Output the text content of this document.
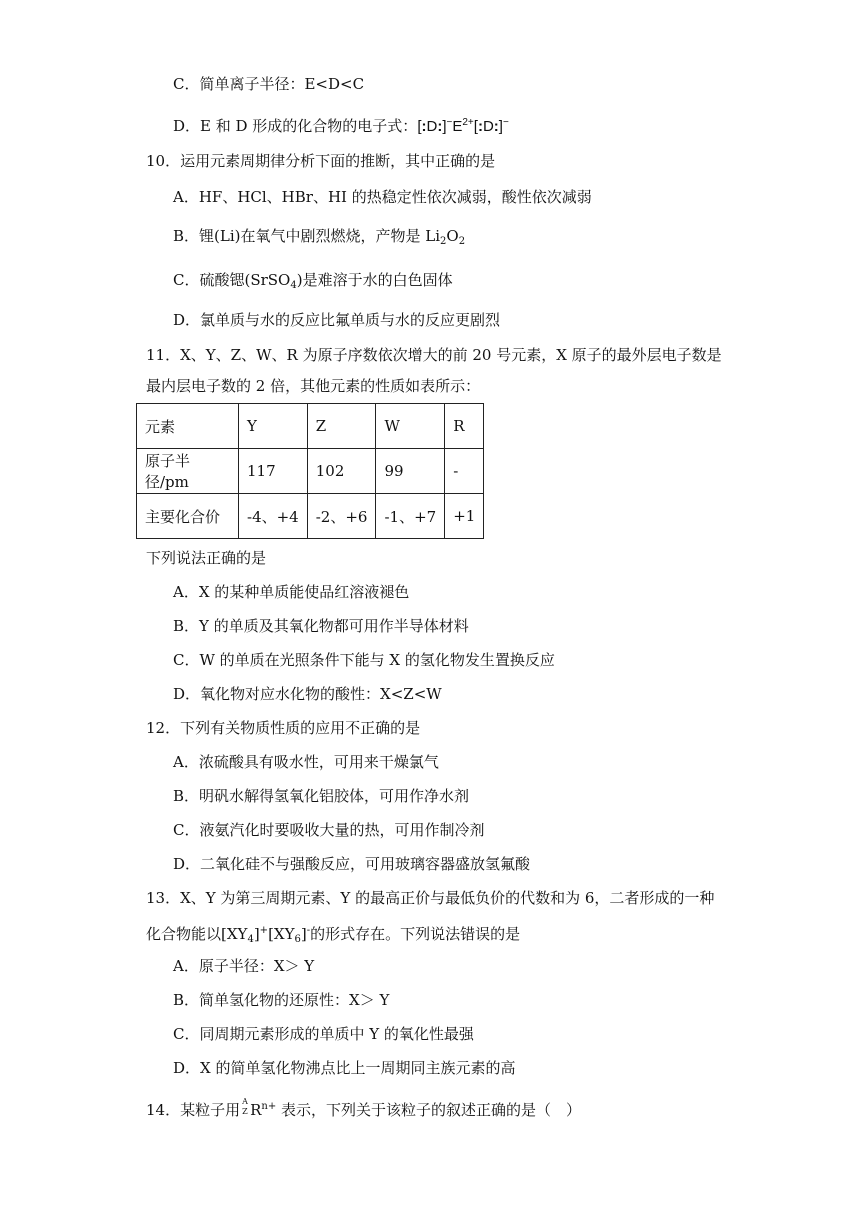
C．简单离子半径：E<D<C
D．E 和 D 形成的化合物的电子式：$[:D:]^-E^{2+}[:D:]^-$
10．运用元素周期律分析下面的推断，其中正确的是
A．HF、HCl、HBr、HI 的热稳定性依次减弱，酸性依次减弱
B．锂(Li)在氧气中剧烈燃烧，产物是 $Li_2O_2$
C．硫酸锶(SrSO$_4$)是难溶于水的白色固体
D．氯单质与水的反应比氟单质与水的反应更剧烈
11．X、Y、Z、W、R 为原子序数依次增大的前 20 号元素，X 原子的最外层电子数是
最内层电子数的 2 倍，其他元素的性质如表所示：
元素	Y	Z	W	R
原子半径/pm	117	102	99	-
主要化合价	-4、+4	-2、+6	-1、+7	+1
下列说法正确的是
A．X 的某种单质能使品红溶液褪色
B．Y 的单质及其氧化物都可用作半导体材料
C．W 的单质在光照条件下能与 X 的氢化物发生置换反应
D．氧化物对应水化物的酸性：X<Z<W
12．下列有关物质性质的应用不正确的是
A．浓硫酸具有吸水性，可用来干燥氯气
B．明矾水解得氢氧化铝胶体，可用作净水剂
C．液氨汽化时要吸收大量的热，可用作制冷剂
D．二氧化硅不与强酸反应，可用玻璃容器盛放氢氟酸
13．X、Y 为第三周期元素、Y 的最高正价与最低负价的代数和为 6，二者形成的一种
化合物能以$[XY_4]^+[XY_6]^-$的形式存在。下列说法错误的是
A．原子半径：X＞ Y
B．简单氢化物的还原性：X＞ Y
C．同周期元素形成的单质中 Y 的氧化性最强
D．X 的简单氢化物沸点比上一周期同主族元素的高
14．某粒子用 A
Z $R^{n+}$ 表示，下列关于该粒子的叙述正确的是（　）
